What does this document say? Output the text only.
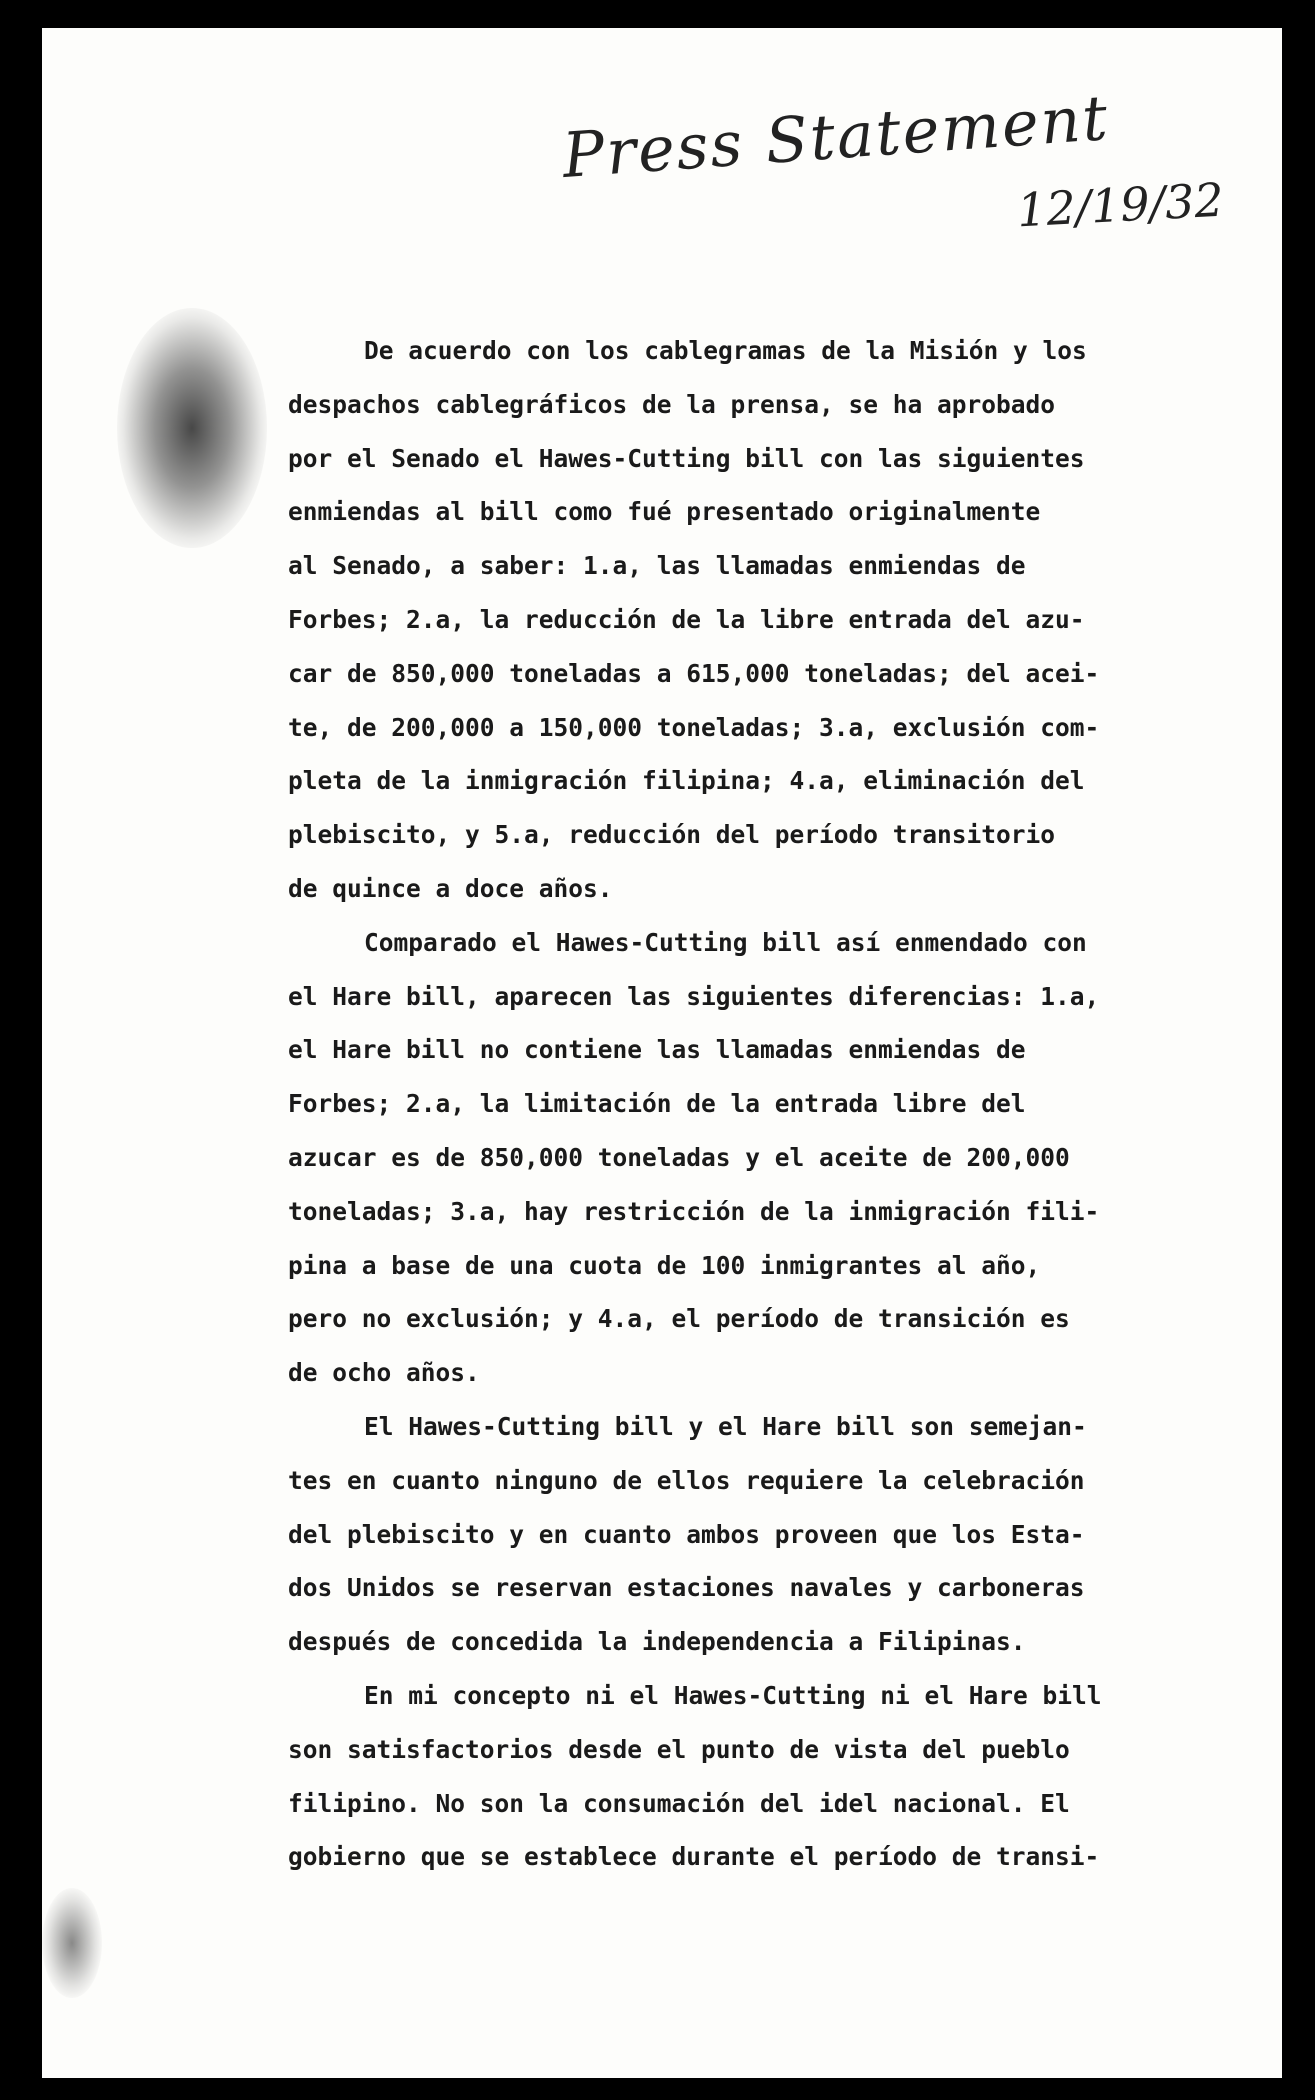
Press Statement
12/19/32
De acuerdo con los cablegramas de la Misión y los
despachos cablegráficos de la prensa, se ha aprobado
por el Senado el Hawes-Cutting bill con las siguientes
enmiendas al bill como fué presentado originalmente
al Senado, a saber: 1.a, las llamadas enmiendas de
Forbes; 2.a, la reducción de la libre entrada del azu-
car de 850,000 toneladas a 615,000 toneladas; del acei-
te, de 200,000 a 150,000 toneladas; 3.a, exclusión com-
pleta de la inmigración filipina; 4.a, eliminación del
plebiscito, y 5.a, reducción del período transitorio
de quince a doce años.
Comparado el Hawes-Cutting bill así enmendado con
el Hare bill, aparecen las siguientes diferencias: 1.a,
el Hare bill no contiene las llamadas enmiendas de
Forbes; 2.a, la limitación de la entrada libre del
azucar es de 850,000 toneladas y el aceite de 200,000
toneladas; 3.a, hay restricción de la inmigración fili-
pina a base de una cuota de 100 inmigrantes al año,
pero no exclusión; y 4.a, el período de transición es
de ocho años.
El Hawes-Cutting bill y el Hare bill son semejan-
tes en cuanto ninguno de ellos requiere la celebración
del plebiscito y en cuanto ambos proveen que los Esta-
dos Unidos se reservan estaciones navales y carboneras
después de concedida la independencia a Filipinas.
En mi concepto ni el Hawes-Cutting ni el Hare bill
son satisfactorios desde el punto de vista del pueblo
filipino. No son la consumación del idel nacional. El
gobierno que se establece durante el período de transi-
